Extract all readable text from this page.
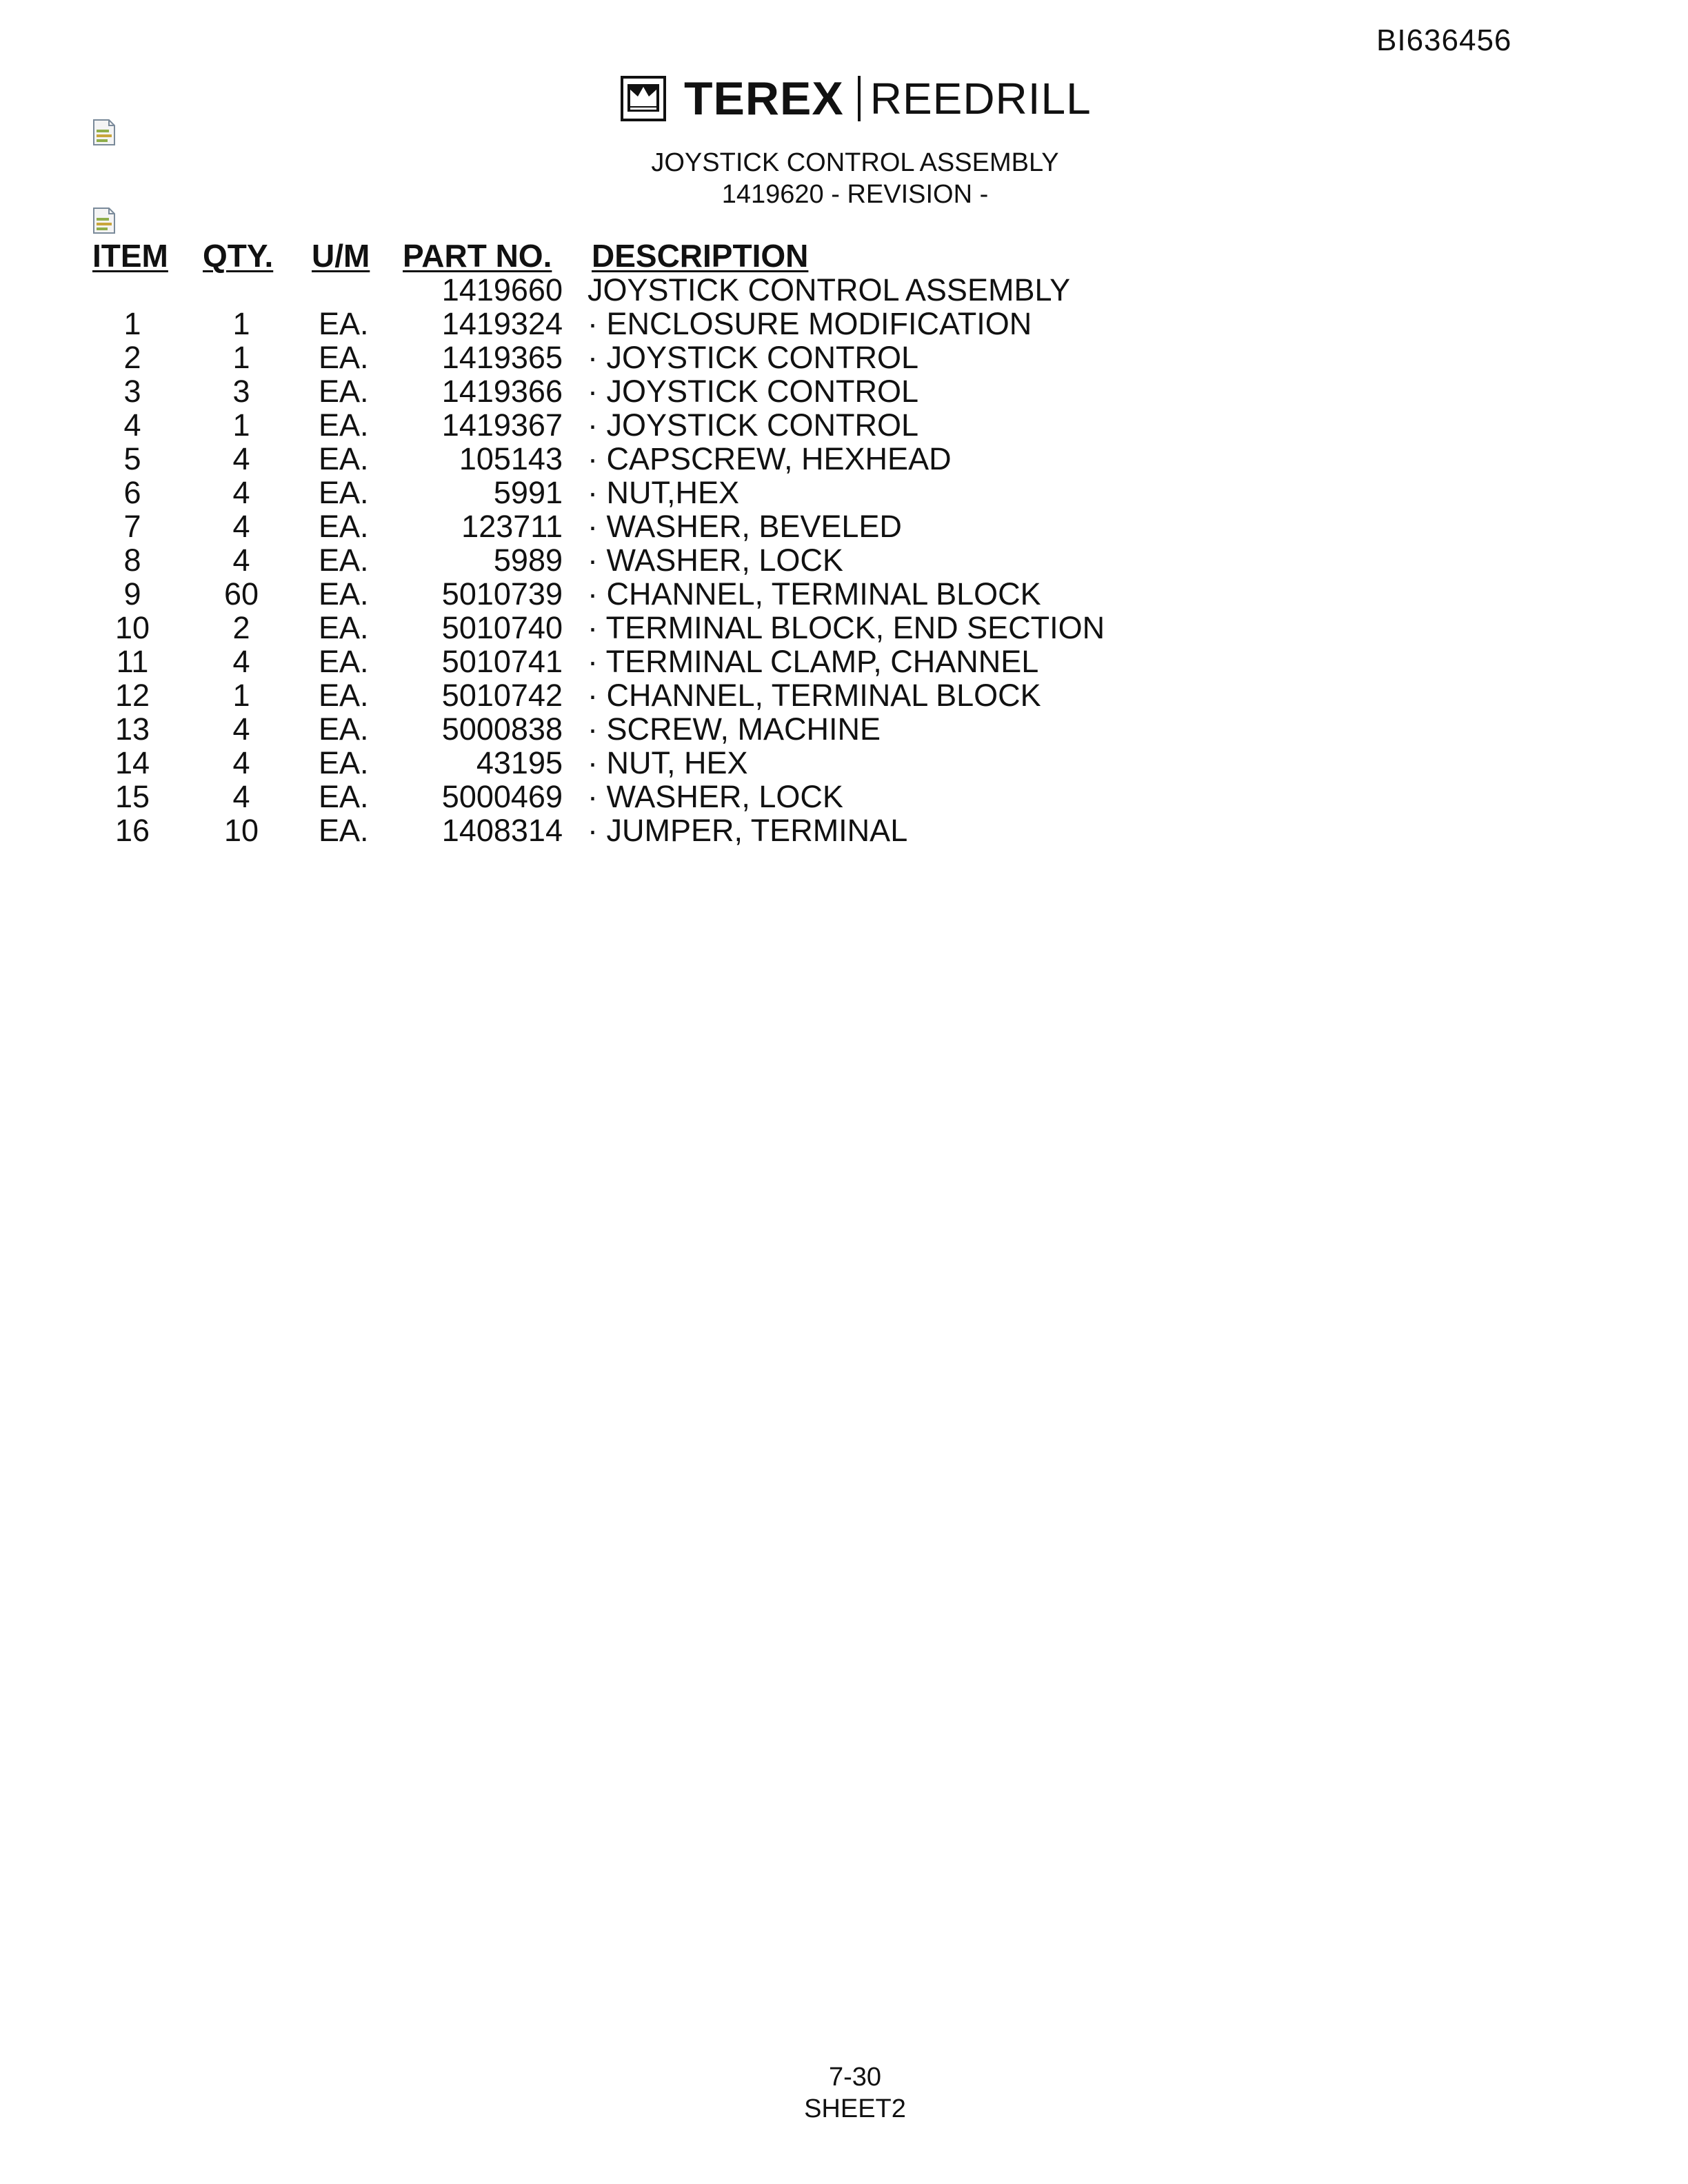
BI636456
TEREX REEDRILL
JOYSTICK CONTROL ASSEMBLY
1419620 - REVISION -
ITEM QTY. U/M PART NO. DESCRIPTION
1419660 JOYSTICK CONTROL ASSEMBLY
1	1	EA.	1419324 · ENCLOSURE MODIFICATION
2	1	EA.	1419365 · JOYSTICK CONTROL
3	3	EA.	1419366 · JOYSTICK CONTROL
4	1	EA.	1419367 · JOYSTICK CONTROL
5	4	EA.	105143 · CAPSCREW, HEXHEAD
6	4	EA.	5991 · NUT,HEX
7	4	EA.	123711 · WASHER, BEVELED
8	4	EA.	5989 · WASHER, LOCK
9	60	EA.	5010739 · CHANNEL, TERMINAL BLOCK
10	2	EA.	5010740 · TERMINAL BLOCK, END SECTION
11	4	EA.	5010741 · TERMINAL CLAMP, CHANNEL
12	1	EA.	5010742 · CHANNEL, TERMINAL BLOCK
13	4	EA.	5000838 · SCREW, MACHINE
14	4	EA.	43195 · NUT, HEX
15	4	EA.	5000469 · WASHER, LOCK
16	10	EA.	1408314 · JUMPER, TERMINAL
7-30
SHEET2
